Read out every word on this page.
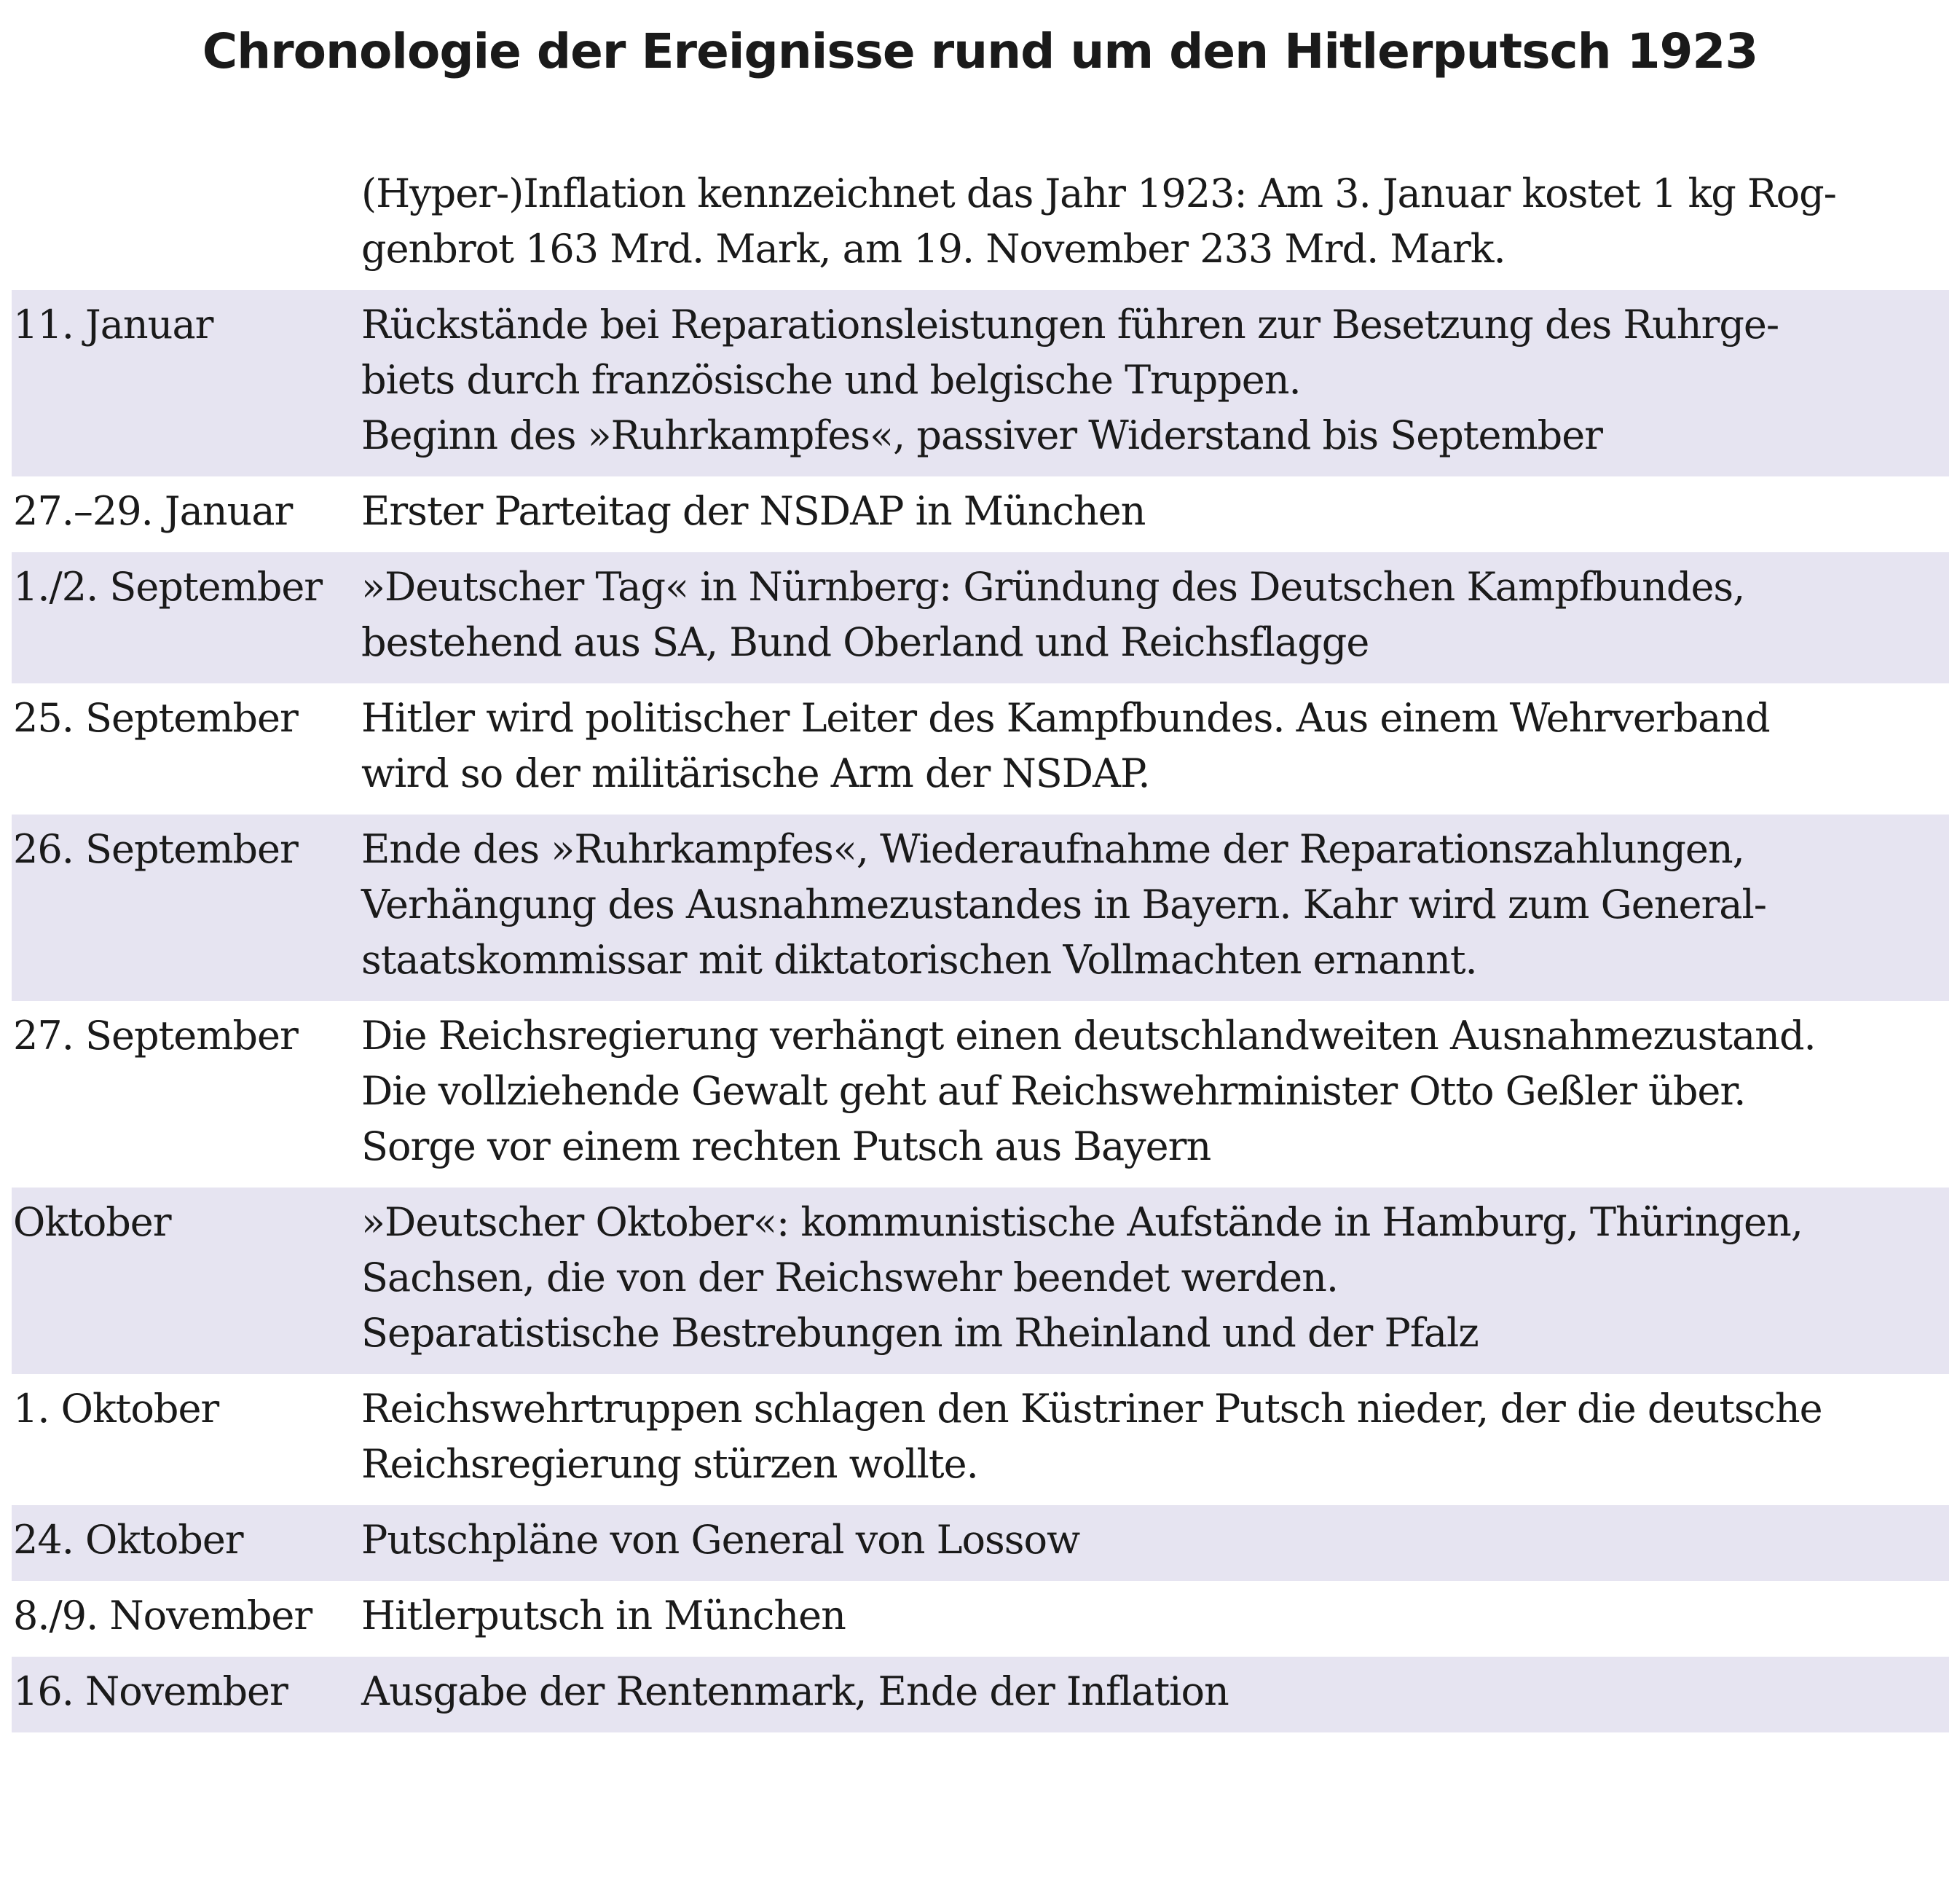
Chronologie der Ereignisse rund um den Hitlerputsch 1923
(Hyper-)Inflation kennzeichnet das Jahr 1923: Am 3. Januar kostet 1 kg Rog-
genbrot 163 Mrd. Mark, am 19. November 233 Mrd. Mark.
11. Januar	Rückstände bei Reparationsleistungen führen zur Besetzung des Ruhrge-
biets durch französische und belgische Truppen.
Beginn des »Ruhrkampfes«, passiver Widerstand bis September
27.–29. Januar	Erster Parteitag der NSDAP in München
1./2. September »Deutscher Tag« in Nürnberg: Gründung des Deutschen Kampfbundes,
bestehend aus SA, Bund Oberland und Reichsflagge
25. September	Hitler wird politischer Leiter des Kampfbundes. Aus einem Wehrverband
wird so der militärische Arm der NSDAP.
26. September	Ende des »Ruhrkampfes«, Wiederaufnahme der Reparationszahlungen,
Verhängung des Ausnahmezustandes in Bayern. Kahr wird zum General-
staatskommissar mit diktatorischen Vollmachten ernannt.
27. September	Die Reichsregierung verhängt einen deutschlandweiten Ausnahmezustand.
Die vollziehende Gewalt geht auf Reichswehrminister Otto Geßler über.
Sorge vor einem rechten Putsch aus Bayern
Oktober	»Deutscher Oktober«: kommunistische Aufstände in Hamburg, Thüringen,
Sachsen, die von der Reichswehr beendet werden.
Separatistische Bestrebungen im Rheinland und der Pfalz
1. Oktober	Reichswehrtruppen schlagen den Küstriner Putsch nieder, der die deutsche
Reichsregierung stürzen wollte.
24. Oktober	Putschpläne von General von Lossow
8./9. November	Hitlerputsch in München
16. November	Ausgabe der Rentenmark, Ende der Inflation
